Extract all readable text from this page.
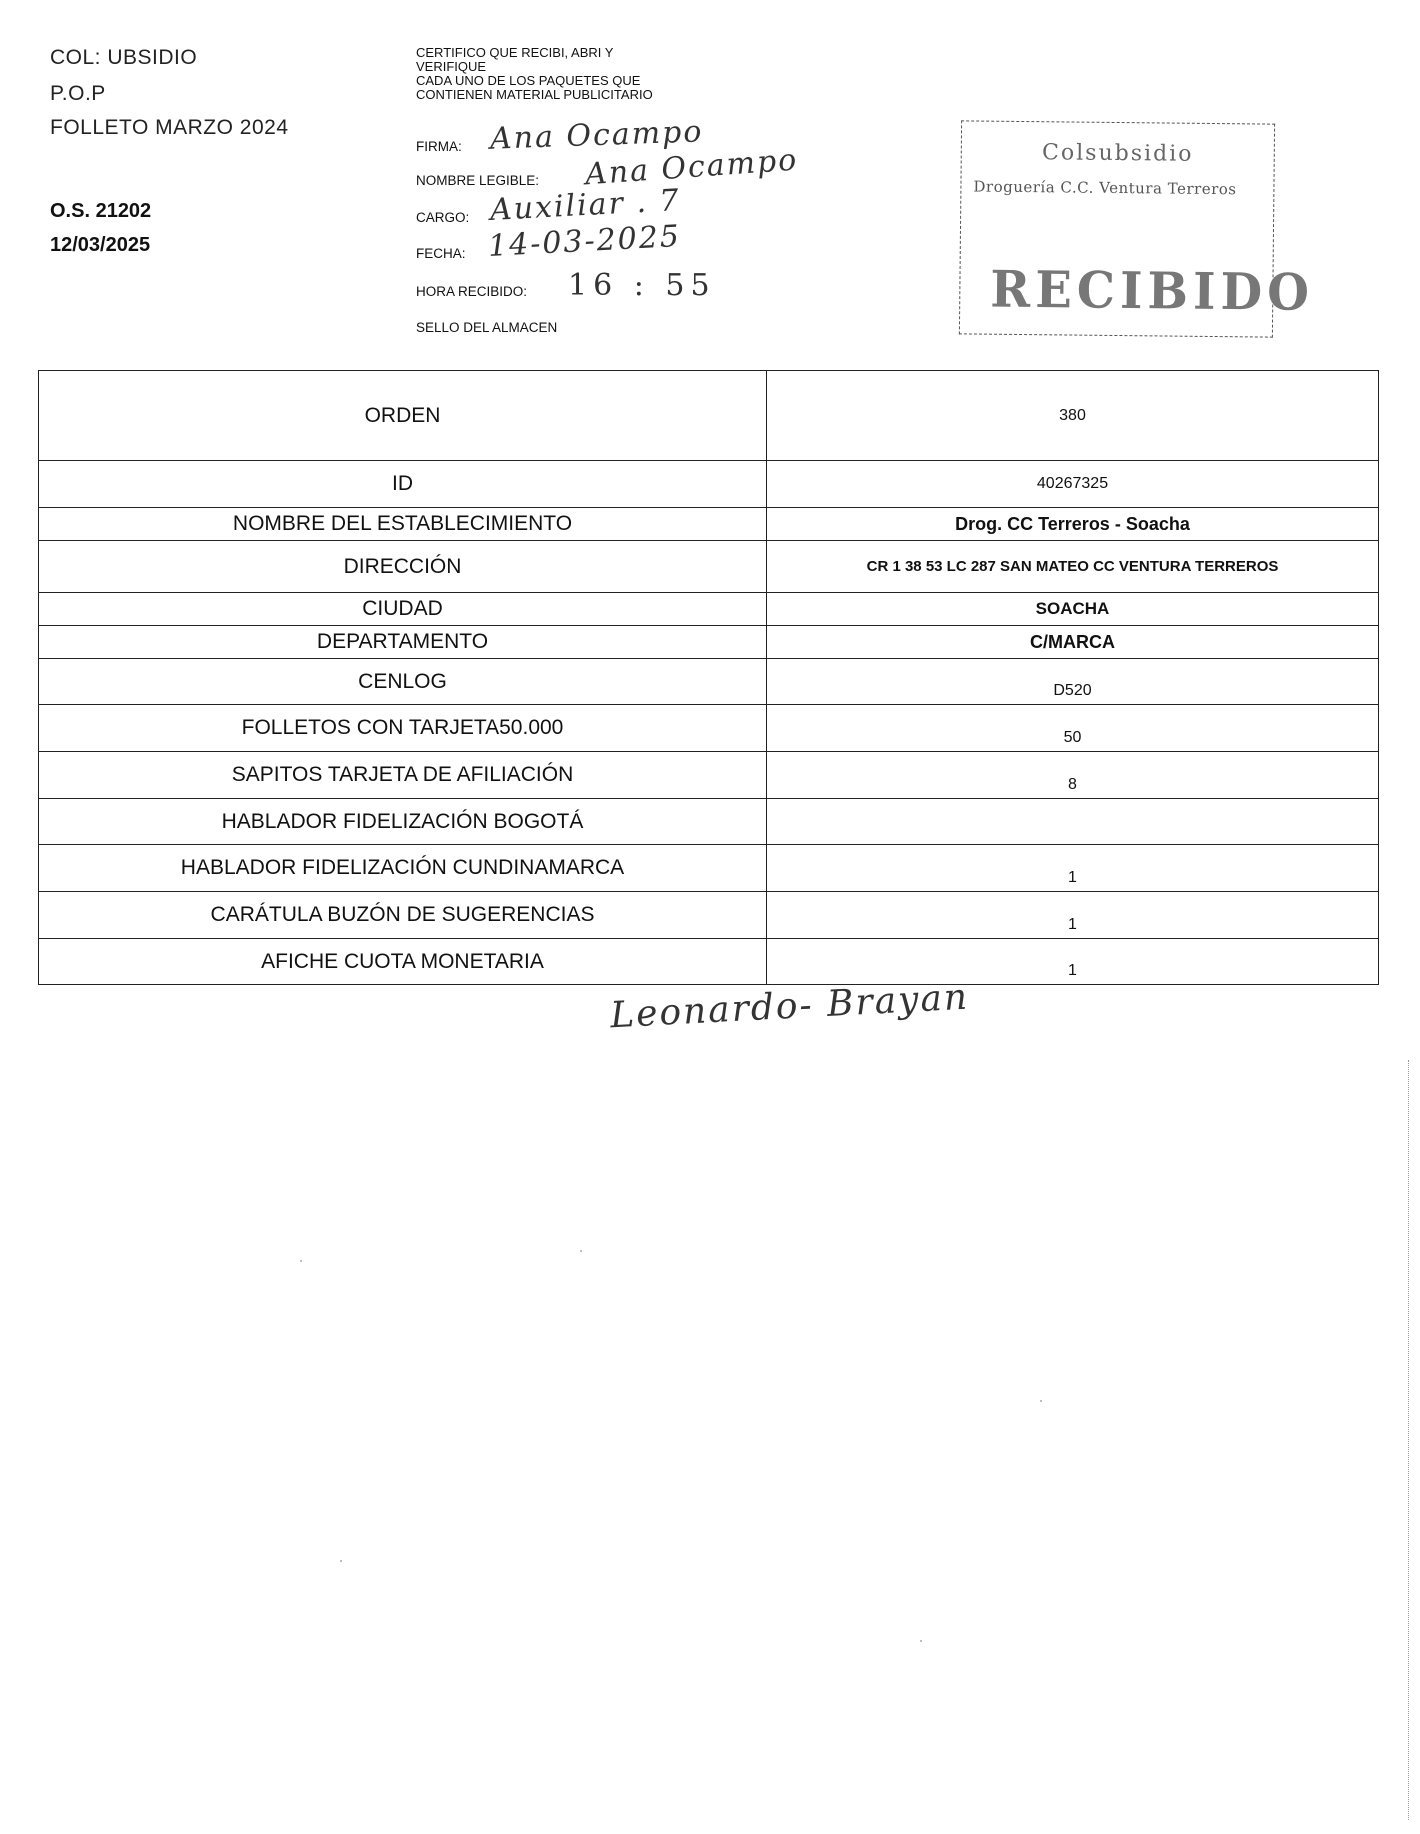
COL: UBSIDIO
P.O.P
FOLLETO MARZO 2024
O.S. 21202
12/03/2025
CERTIFICO QUE RECIBI, ABRI Y
VERIFIQUE
CADA UNO DE LOS PAQUETES QUE
CONTIENEN MATERIAL PUBLICITARIO
FIRMA: Ana Ocampo
NOMBRE LEGIBLE: Ana Ocampo
CARGO: Auxiliar . 7
FECHA: 14-03-2025
HORA RECIBIDO: 16 : 55
SELLO DEL ALMACEN
Colsubsidio
Droguería C.C. Ventura Terreros
RECIBIDO
ORDEN	380
ID	40267325
NOMBRE DEL ESTABLECIMIENTO	Drog. CC Terreros - Soacha
DIRECCIÓN	CR 1 38 53 LC 287 SAN MATEO CC VENTURA TERREROS
CIUDAD	SOACHA
DEPARTAMENTO	C/MARCA
CENLOG	D520
FOLLETOS CON TARJETA50.000	50
SAPITOS TARJETA DE AFILIACIÓN	8
HABLADOR FIDELIZACIÓN BOGOTÁ	
HABLADOR FIDELIZACIÓN CUNDINAMARCA	1
CARÁTULA BUZÓN DE SUGERENCIAS	1
AFICHE CUOTA MONETARIA	1
Leonardo- Brayan
